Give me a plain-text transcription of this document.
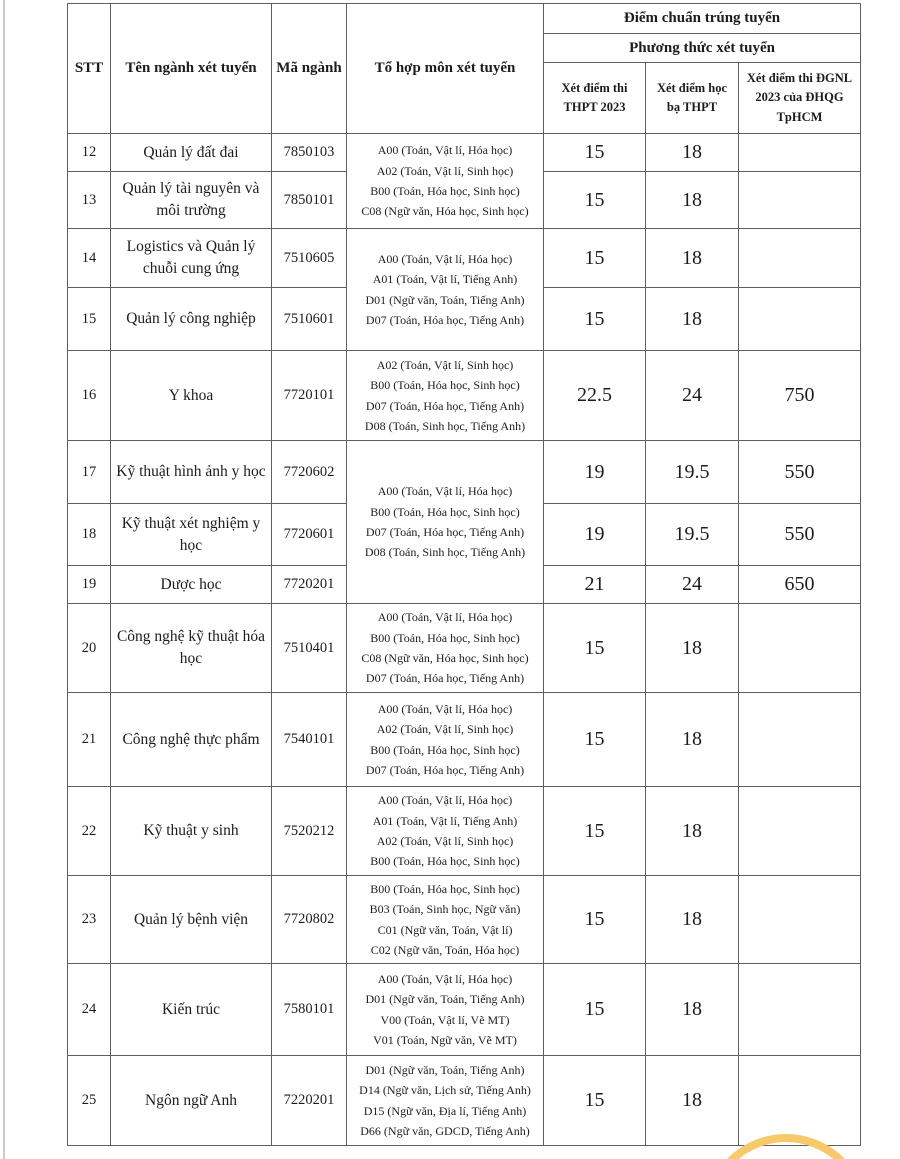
STT	Tên ngành xét tuyển	Mã ngành	Tổ hợp môn xét tuyển	Điểm chuẩn trúng tuyển		
				Phương thức xét tuyển		
				Xét điểm thi THPT 2023	Xét điểm học bạ THPT	Xét điểm thi ĐGNL 2023 của ĐHQG TpHCM
12	Quản lý đất đai	7850103	A00 (Toán, Vật lí, Hóa học)
A02 (Toán, Vật lí, Sinh học)
B00 (Toán, Hóa học, Sinh học)
C08 (Ngữ văn, Hóa học, Sinh học)	15	18	
13	Quản lý tài nguyên và môi trường	7850101		15	18	
14	Logistics và Quản lý chuỗi cung ứng	7510605	A00 (Toán, Vật lí, Hóa học)
A01 (Toán, Vật lí, Tiếng Anh)
D01 (Ngữ văn, Toán, Tiếng Anh)
D07 (Toán, Hóa học, Tiếng Anh)	15	18	
15	Quản lý công nghiệp	7510601		15	18	
16	Y khoa	7720101	A02 (Toán, Vật lí, Sinh học)
B00 (Toán, Hóa học, Sinh học)
D07 (Toán, Hóa học, Tiếng Anh)
D08 (Toán, Sinh học, Tiếng Anh)	22.5	24	750
17	Kỹ thuật hình ảnh y học	7720602	A00 (Toán, Vật lí, Hóa học)
B00 (Toán, Hóa học, Sinh học)
D07 (Toán, Hóa học, Tiếng Anh)
D08 (Toán, Sinh học, Tiếng Anh)	19	19.5	550
18	Kỹ thuật xét nghiệm y học	7720601		19	19.5	550
19	Dược học	7720201		21	24	650
20	Công nghệ kỹ thuật hóa học	7510401	A00 (Toán, Vật lí, Hóa học)
B00 (Toán, Hóa học, Sinh học)
C08 (Ngữ văn, Hóa học, Sinh học)
D07 (Toán, Hóa học, Tiếng Anh)	15	18	
21	Công nghệ thực phẩm	7540101	A00 (Toán, Vật lí, Hóa học)
A02 (Toán, Vật lí, Sinh học)
B00 (Toán, Hóa học, Sinh học)
D07 (Toán, Hóa học, Tiếng Anh)	15	18	
22	Kỹ thuật y sinh	7520212	A00 (Toán, Vật lí, Hóa học)
A01 (Toán, Vật lí, Tiếng Anh)
A02 (Toán, Vật lí, Sinh học)
B00 (Toán, Hóa học, Sinh học)	15	18	
23	Quản lý bệnh viện	7720802	B00 (Toán, Hóa học, Sinh học)
B03 (Toán, Sinh học, Ngữ văn)
C01 (Ngữ văn, Toán, Vật lí)
C02 (Ngữ văn, Toán, Hóa học)	15	18	
24	Kiến trúc	7580101	A00 (Toán, Vật lí, Hóa học)
D01 (Ngữ văn, Toán, Tiếng Anh)
V00 (Toán, Vật lí, Vẽ MT)
V01 (Toán, Ngữ văn, Vẽ MT)	15	18	
25	Ngôn ngữ Anh	7220201	D01 (Ngữ văn, Toán, Tiếng Anh)
D14 (Ngữ văn, Lịch sử, Tiếng Anh)
D15 (Ngữ văn, Địa lí, Tiếng Anh)
D66 (Ngữ văn, GDCD, Tiếng Anh)	15	18	
